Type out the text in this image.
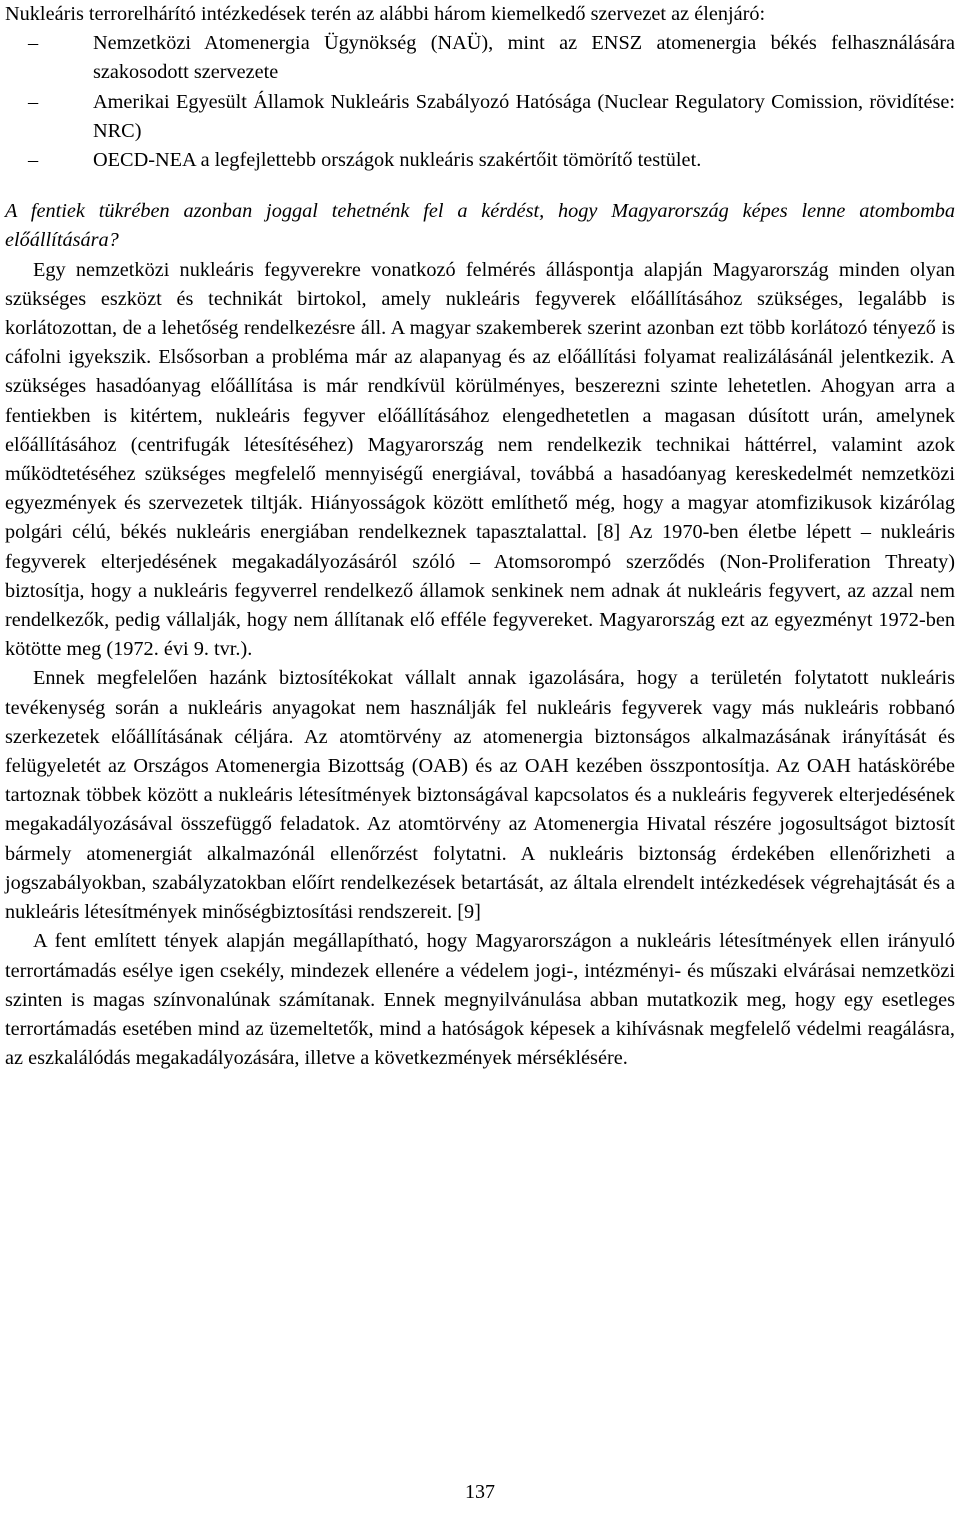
Nukleáris terrorelhárító intézkedések terén az alábbi három kiemelkedő szervezet az élenjáró:

–	Nemzetközi Atomenergia Ügynökség (NAÜ), mint az ENSZ atomenergia békés felhasználására szakosodott szervezete
–	Amerikai Egyesült Államok Nukleáris Szabályozó Hatósága (Nuclear Regulatory Comission, rövidítése: NRC)
–	OECD-NEA a legfejlettebb országok nukleáris szakértőit tömörítő testület.

A fentiek tükrében azonban joggal tehetnénk fel a kérdést, hogy Magyarország képes lenne atombomba előállítására?

Egy nemzetközi nukleáris fegyverekre vonatkozó felmérés álláspontja alapján Magyarország minden olyan szükséges eszközt és technikát birtokol, amely nukleáris fegyverek előállításához szükséges, legalább is korlátozottan, de a lehetőség rendelkezésre áll. A magyar szakemberek szerint azonban ezt több korlátozó tényező is cáfolni igyekszik. Elsősorban a probléma már az alapanyag és az előállítási folyamat realizálásánál jelentkezik. A szükséges hasadóanyag előállítása is már rendkívül körülményes, beszerezni szinte lehetetlen. Ahogyan arra a fentiekben is kitértem, nukleáris fegyver előállításához elengedhetetlen a magasan dúsított urán, amelynek előállításához (centrifugák létesítéséhez) Magyarország nem rendelkezik technikai háttérrel, valamint azok működtetéséhez szükséges megfelelő mennyiségű energiával, továbbá a hasadóanyag kereskedelmét nemzetközi egyezmények és szervezetek tiltják. Hiányosságok között említhető még, hogy a magyar atomfizikusok kizárólag polgári célú, békés nukleáris energiában rendelkeznek tapasztalattal. [8] Az 1970-ben életbe lépett – nukleáris fegyverek elterjedésének megakadályozásáról szóló – Atomsorompó szerződés (Non-Proliferation Threaty) biztosítja, hogy a nukleáris fegyverrel rendelkező államok senkinek nem adnak át nukleáris fegyvert, az azzal nem rendelkezők, pedig vállalják, hogy nem állítanak elő efféle fegyvereket. Magyarország ezt az egyezményt 1972-ben kötötte meg (1972. évi 9. tvr.).

Ennek megfelelően hazánk biztosítékokat vállalt annak igazolására, hogy a területén folytatott nukleáris tevékenység során a nukleáris anyagokat nem használják fel nukleáris fegyverek vagy más nukleáris robbanó szerkezetek előállításának céljára. Az atomtörvény az atomenergia biztonságos alkalmazásának irányítását és felügyeletét az Országos Atomenergia Bizottság (OAB) és az OAH kezében összpontosítja. Az OAH hatáskörébe tartoznak többek között a nukleáris létesítmények biztonságával kapcsolatos és a nukleáris fegyverek elterjedésének megakadályozásával összefüggő feladatok. Az atomtörvény az Atomenergia Hivatal részére jogosultságot biztosít bármely atomenergiát alkalmazónál ellenőrzést folytatni. A nukleáris biztonság érdekében ellenőrizheti a jogszabályokban, szabályzatokban előírt rendelkezések betartását, az általa elrendelt intézkedések végrehajtását és a nukleáris létesítmények minőségbiztosítási rendszereit. [9]

A fent említett tények alapján megállapítható, hogy Magyarországon a nukleáris létesítmények ellen irányuló terrortámadás esélye igen csekély, mindezek ellenére a védelem jogi-, intézményi- és műszaki elvárásai nemzetközi szinten is magas színvonalúnak számítanak. Ennek megnyilvánulása abban mutatkozik meg, hogy egy esetleges terrortámadás esetében mind az üzemeltetők, mind a hatóságok képesek a kihívásnak megfelelő védelmi reagálásra, az eszkalálódás megakadályozására, illetve a következmények mérséklésére.

137
